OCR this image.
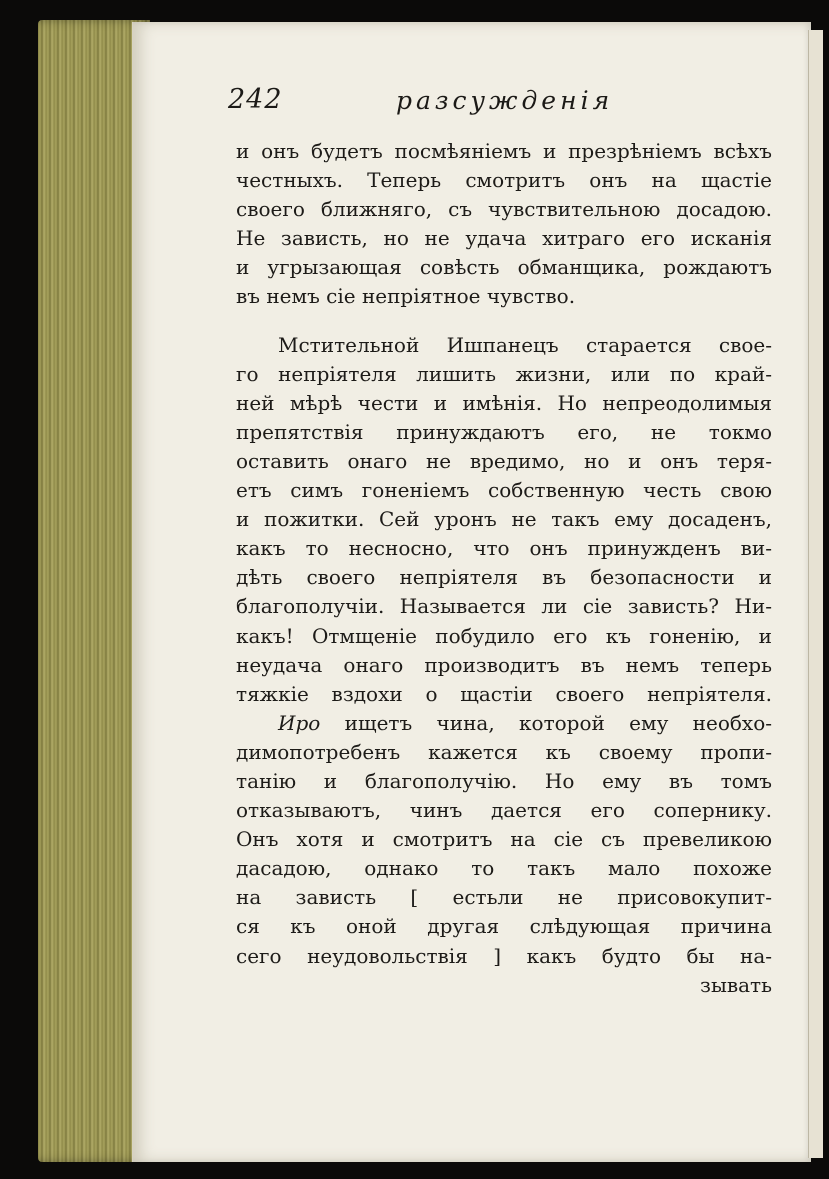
242	разсужденія
и онъ будетъ посмѣяніемъ и презрѣніемъ всѣхъ
честныхъ. Теперь смотритъ онъ на щастіе
своего ближняго, съ чувствительною досадою.
Не зависть, но не удача хитраго его исканія
и угрызающая совѣсть обманщика, рождаютъ
въ немъ сіе непріятное чувство.
Мстительной Ишпанецъ старается свое-
го непріятеля лишить жизни, или по край-
ней мѣрѣ чести и имѣнія. Но непреодолимыя
препятствія принуждаютъ его, не токмо
оставить онаго не вредимо, но и онъ теря-
етъ симъ гоненіемъ собственную честь свою
и пожитки. Сей уронъ не такъ ему досаденъ,
какъ то несносно, что онъ принужденъ ви-
дѣть своего непріятеля въ безопасности и
благополучіи. Называется ли сіе зависть? Ни-
какъ! Отмщеніе побудило его къ гоненію, и
неудача онаго производитъ въ немъ теперь
тяжкіе вздохи о щастіи своего непріятеля.
Иро ищетъ чина, которой ему необхо-
димопотребенъ кажется къ своему пропи-
танію и благополучію. Но ему въ томъ
отказываютъ, чинъ дается его сопернику.
Онъ хотя и смотритъ на сіе съ превеликою
дасадою, однако то такъ мало похоже
на зависть [ естьли не присовокупит-
ся къ оной другая слѣдующая причина
сего неудовольствія ] какъ будто бы на-
зывать
